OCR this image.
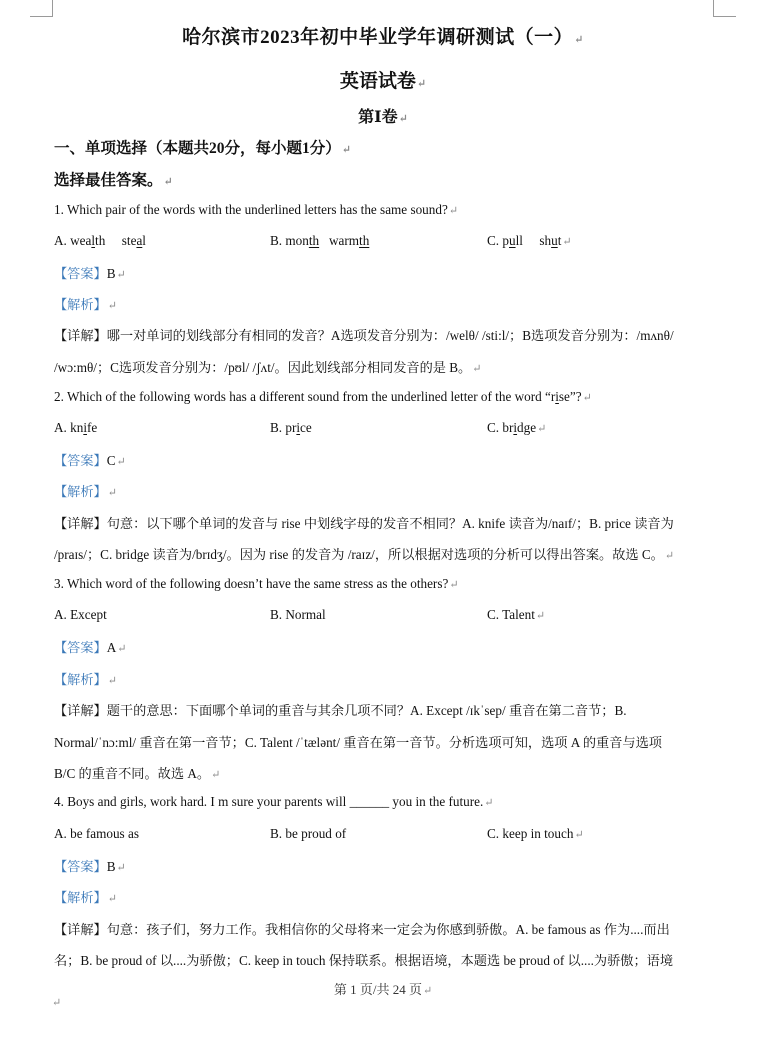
哈尔滨市2023年初中毕业学年调研测试（一）↵
英语试卷↵
第Ⅰ卷↵
一、单项选择（本题共20分，每小题1分）↵
选择最佳答案。↵
1. Which pair of the words with the underlined letters has the same sound?↵
A. wealth     steal	B. month   warmth	C. pull     shut↵
【答案】B↵
【解析】↵
【详解】哪一对单词的划线部分有相同的发音？A选项发音分别为：/welθ/ /sti:l/；B选项发音分别为：/mʌnθ/
/wɔ:mθ/；C选项发音分别为：/pʊl/ /ʃʌt/。因此划线部分相同发音的是 B。↵
2. Which of the following words has a different sound from the underlined letter of the word “rise”?↵
A. knife	B. price	C. bridge↵
【答案】C↵
【解析】↵
【详解】句意：以下哪个单词的发音与 rise 中划线字母的发音不相同？A. knife 读音为/naɪf/；B. price 读音为
/praɪs/；C. bridge 读音为/brɪdʒ/。因为 rise 的发音为 /raɪz/，所以根据对选项的分析可以得出答案。故选 C。↵
3. Which word of the following doesn’t have the same stress as the others?↵
A. Except	B. Normal	C. Talent↵
【答案】A↵
【解析】↵
【详解】题干的意思：下面哪个单词的重音与其余几项不同？A. Except /ɪkˈsep/ 重音在第二音节；B.
Normal/ˈnɔ:ml/ 重音在第一音节；C. Talent /ˈtælənt/ 重音在第一音节。分析选项可知，选项 A 的重音与选项
B/C 的重音不同。故选 A。↵
4. Boys and girls, work hard. I m sure your parents will ______ you in the future.↵
A. be famous as	B. be proud of	C. keep in touch↵
【答案】B↵
【解析】↵
【详解】句意：孩子们，努力工作。我相信你的父母将来一定会为你感到骄傲。A. be famous as 作为....而出
名；B. be proud of 以....为骄傲；C. keep in touch 保持联系。根据语境，本题选 be proud of 以....为骄傲；语境
第 1 页/共 24 页↵
↵
